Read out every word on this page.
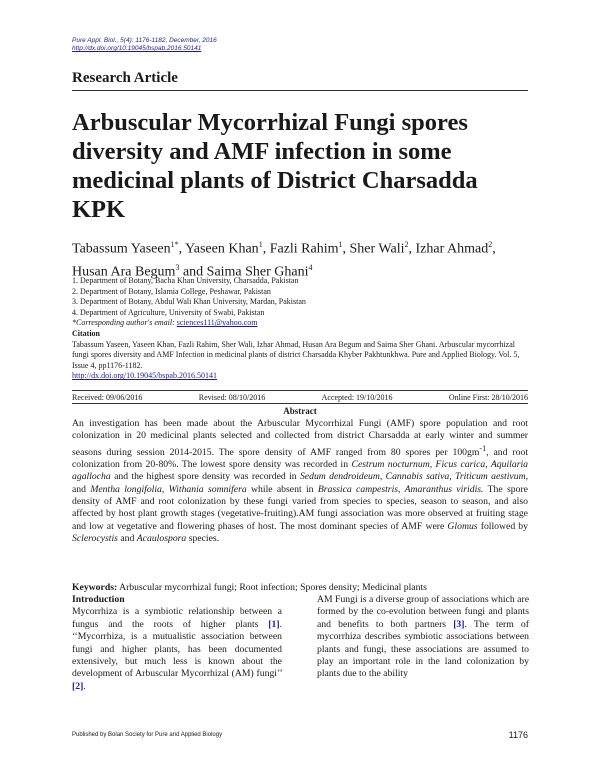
Pure Appl. Biol., 5(4): 1176-1182, December, 2016
http://dx.doi.org/10.19045/bspab.2016.50141
Research Article
Arbuscular Mycorrhizal Fungi spores diversity and AMF infection in some medicinal plants of District Charsadda KPK
Tabassum Yaseen$^{1*}$, Yaseen Khan$^1$, Fazli Rahim$^1$, Sher Wali$^2$, Izhar Ahmad$^2$, Husan Ara Begum$^3$ and Saima Sher Ghani$^4$
1. Department of Botany, Bacha Khan University, Charsadda, Pakistan
2. Department of Botany, Islamia College, Peshawar, Pakistan
3. Department of Botany, Abdul Wali Khan University, Mardan, Pakistan
4. Department of Agriculture, University of Swabi, Pakistan
*Corresponding author's email: sciences111@yahoo.com
Citation
Tabassum Yaseen, Yaseen Khan, Fazli Rahim, Sher Wali, Izhar Ahmad, Husan Ara Begum and Saima Sher Ghani. Arbuscular mycorrhizal fungi spores diversity and AMF Infection in medicinal plants of district Charsadda Khyber Pakhtunkhwa. Pure and Applied Biology. Vol. 5, Issue 4, pp1176-1182.
http://dx.doi.org/10.19045/bspab.2016.50141
Received: 09/06/2016	Revised: 08/10/2016	Accepted: 19/10/2016	Online First: 28/10/2016
Abstract

An investigation has been made about the Arbuscular Mycorrhizal Fungi (AMF) spore population and root colonization in 20 medicinal plants selected and collected from district Charsadda at early winter and summer seasons during session 2014-2015. The spore density of AMF ranged from 80 spores per $100gm^{-1}$, and root colonization from 20-80%. The lowest spore density was recorded in Cestrum nocturnum, Ficus carica, Aquilaria agallocha and the highest spore density was recorded in Sedum dendroideum, Cannabis sativa, Triticum aestivum, and Mentha longifolia, Withania somnifera while absent in Brassica campestris, Amaranthus viridis. The spore density of AMF and root colonization by these fungi varied from species to species, season to season, and also affected by host plant growth stages (vegetative-fruiting).AM fungi association was more observed at fruiting stage and low at vegetative and flowering phases of host. The most dominant species of AMF were Glomus followed by Sclerocystis and Acaulospora species.

Keywords: Arbuscular mycorrhizal fungi; Root infection; Spores density; Medicinal plants
Introduction
Mycorrhiza is a symbiotic relationship between a fungus and the roots of higher plants [1]. ‘‘Mycorrhiza, is a mutualistic association between fungi and higher plants, has been documented extensively, but much less is known about the development of Arbuscular Mycorrhizal (AM) fungi’’ [2].
AM Fungi is a diverse group of associations which are formed by the co-evolution between fungi and plants and benefits to both partners [3]. The term of mycorrhiza describes symbiotic associations between plants and fungi, these associations are assumed to play an important role in the land colonization by plants due to the ability
Published by Bolan Society for Pure and Applied Biology	1176
